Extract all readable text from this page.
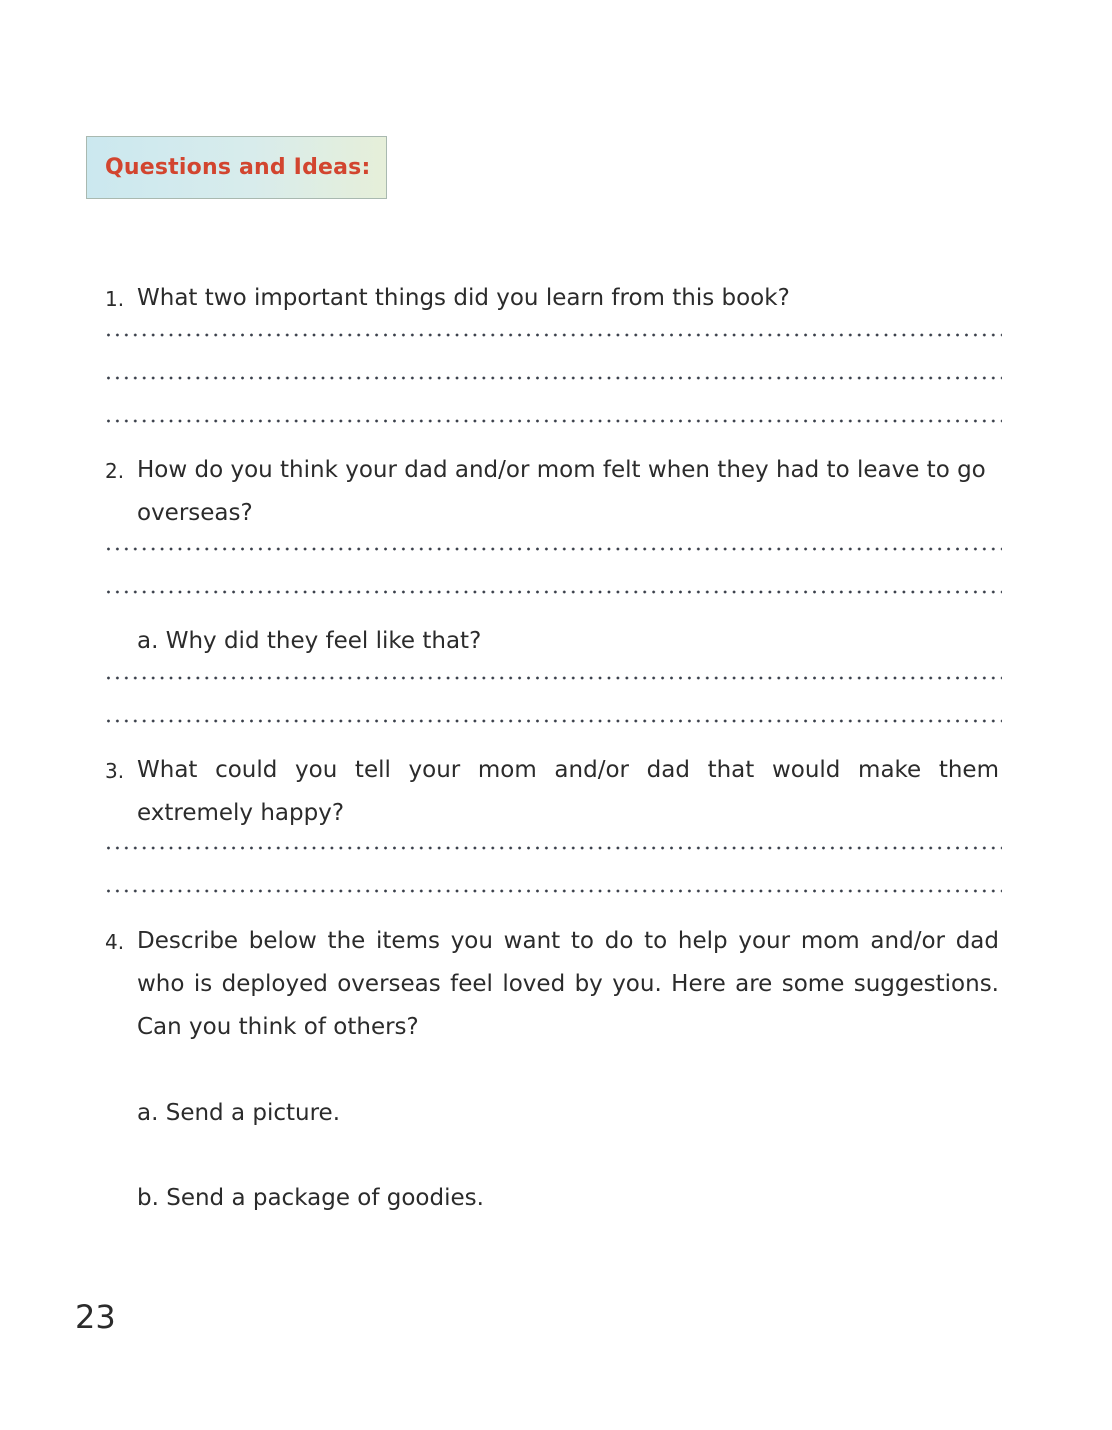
Questions and Ideas:
1. What two important things did you learn from this book?
2. How do you think your dad and/or mom felt when they had to leave to go
overseas?
a. Why did they feel like that?
3. What could you tell your mom and/or dad that would make them
extremely happy?
4. Describe below the items you want to do to help your mom and/or dad
who is deployed overseas feel loved by you. Here are some suggestions.
Can you think of others?
a. Send a picture.
b. Send a package of goodies.
23
